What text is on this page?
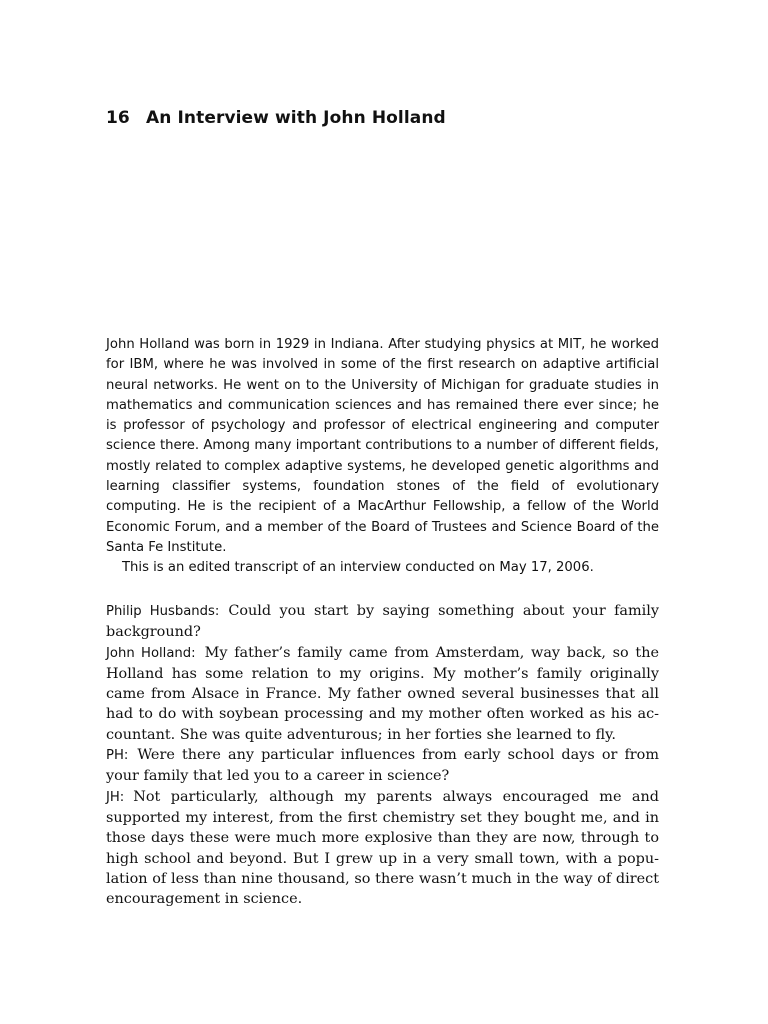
16 An Interview with John Holland

John Holland was born in 1929 in Indiana. After studying physics at MIT, he worked for IBM, where he was involved in some of the first research on adaptive artificial neural networks. He went on to the University of Michigan for graduate studies in mathematics and communication sciences and has remained there ever since; he is professor of psychology and professor of electrical engineering and computer science there. Among many important contributions to a number of different fields, mostly related to complex adaptive systems, he developed genetic algorithms and learning classifier systems, foundation stones of the field of evolutionary computing. He is the recipient of a MacArthur Fellowship, a fellow of the World Economic Forum, and a member of the Board of Trustees and Science Board of the Santa Fe Institute.

This is an edited transcript of an interview conducted on May 17, 2006.

Philip Husbands: Could you start by saying something about your family background?

John Holland: My father’s family came from Amsterdam, way back, so the Holland has some relation to my origins. My mother’s family originally came from Alsace in France. My father owned several businesses that all had to do with soybean processing and my mother often worked as his accountant. She was quite adventurous; in her forties she learned to fly.

PH: Were there any particular influences from early school days or from your family that led you to a career in science?

JH: Not particularly, although my parents always encouraged me and supported my interest, from the first chemistry set they bought me, and in those days these were much more explosive than they are now, through to high school and beyond. But I grew up in a very small town, with a population of less than nine thousand, so there wasn’t much in the way of direct encouragement in science.
